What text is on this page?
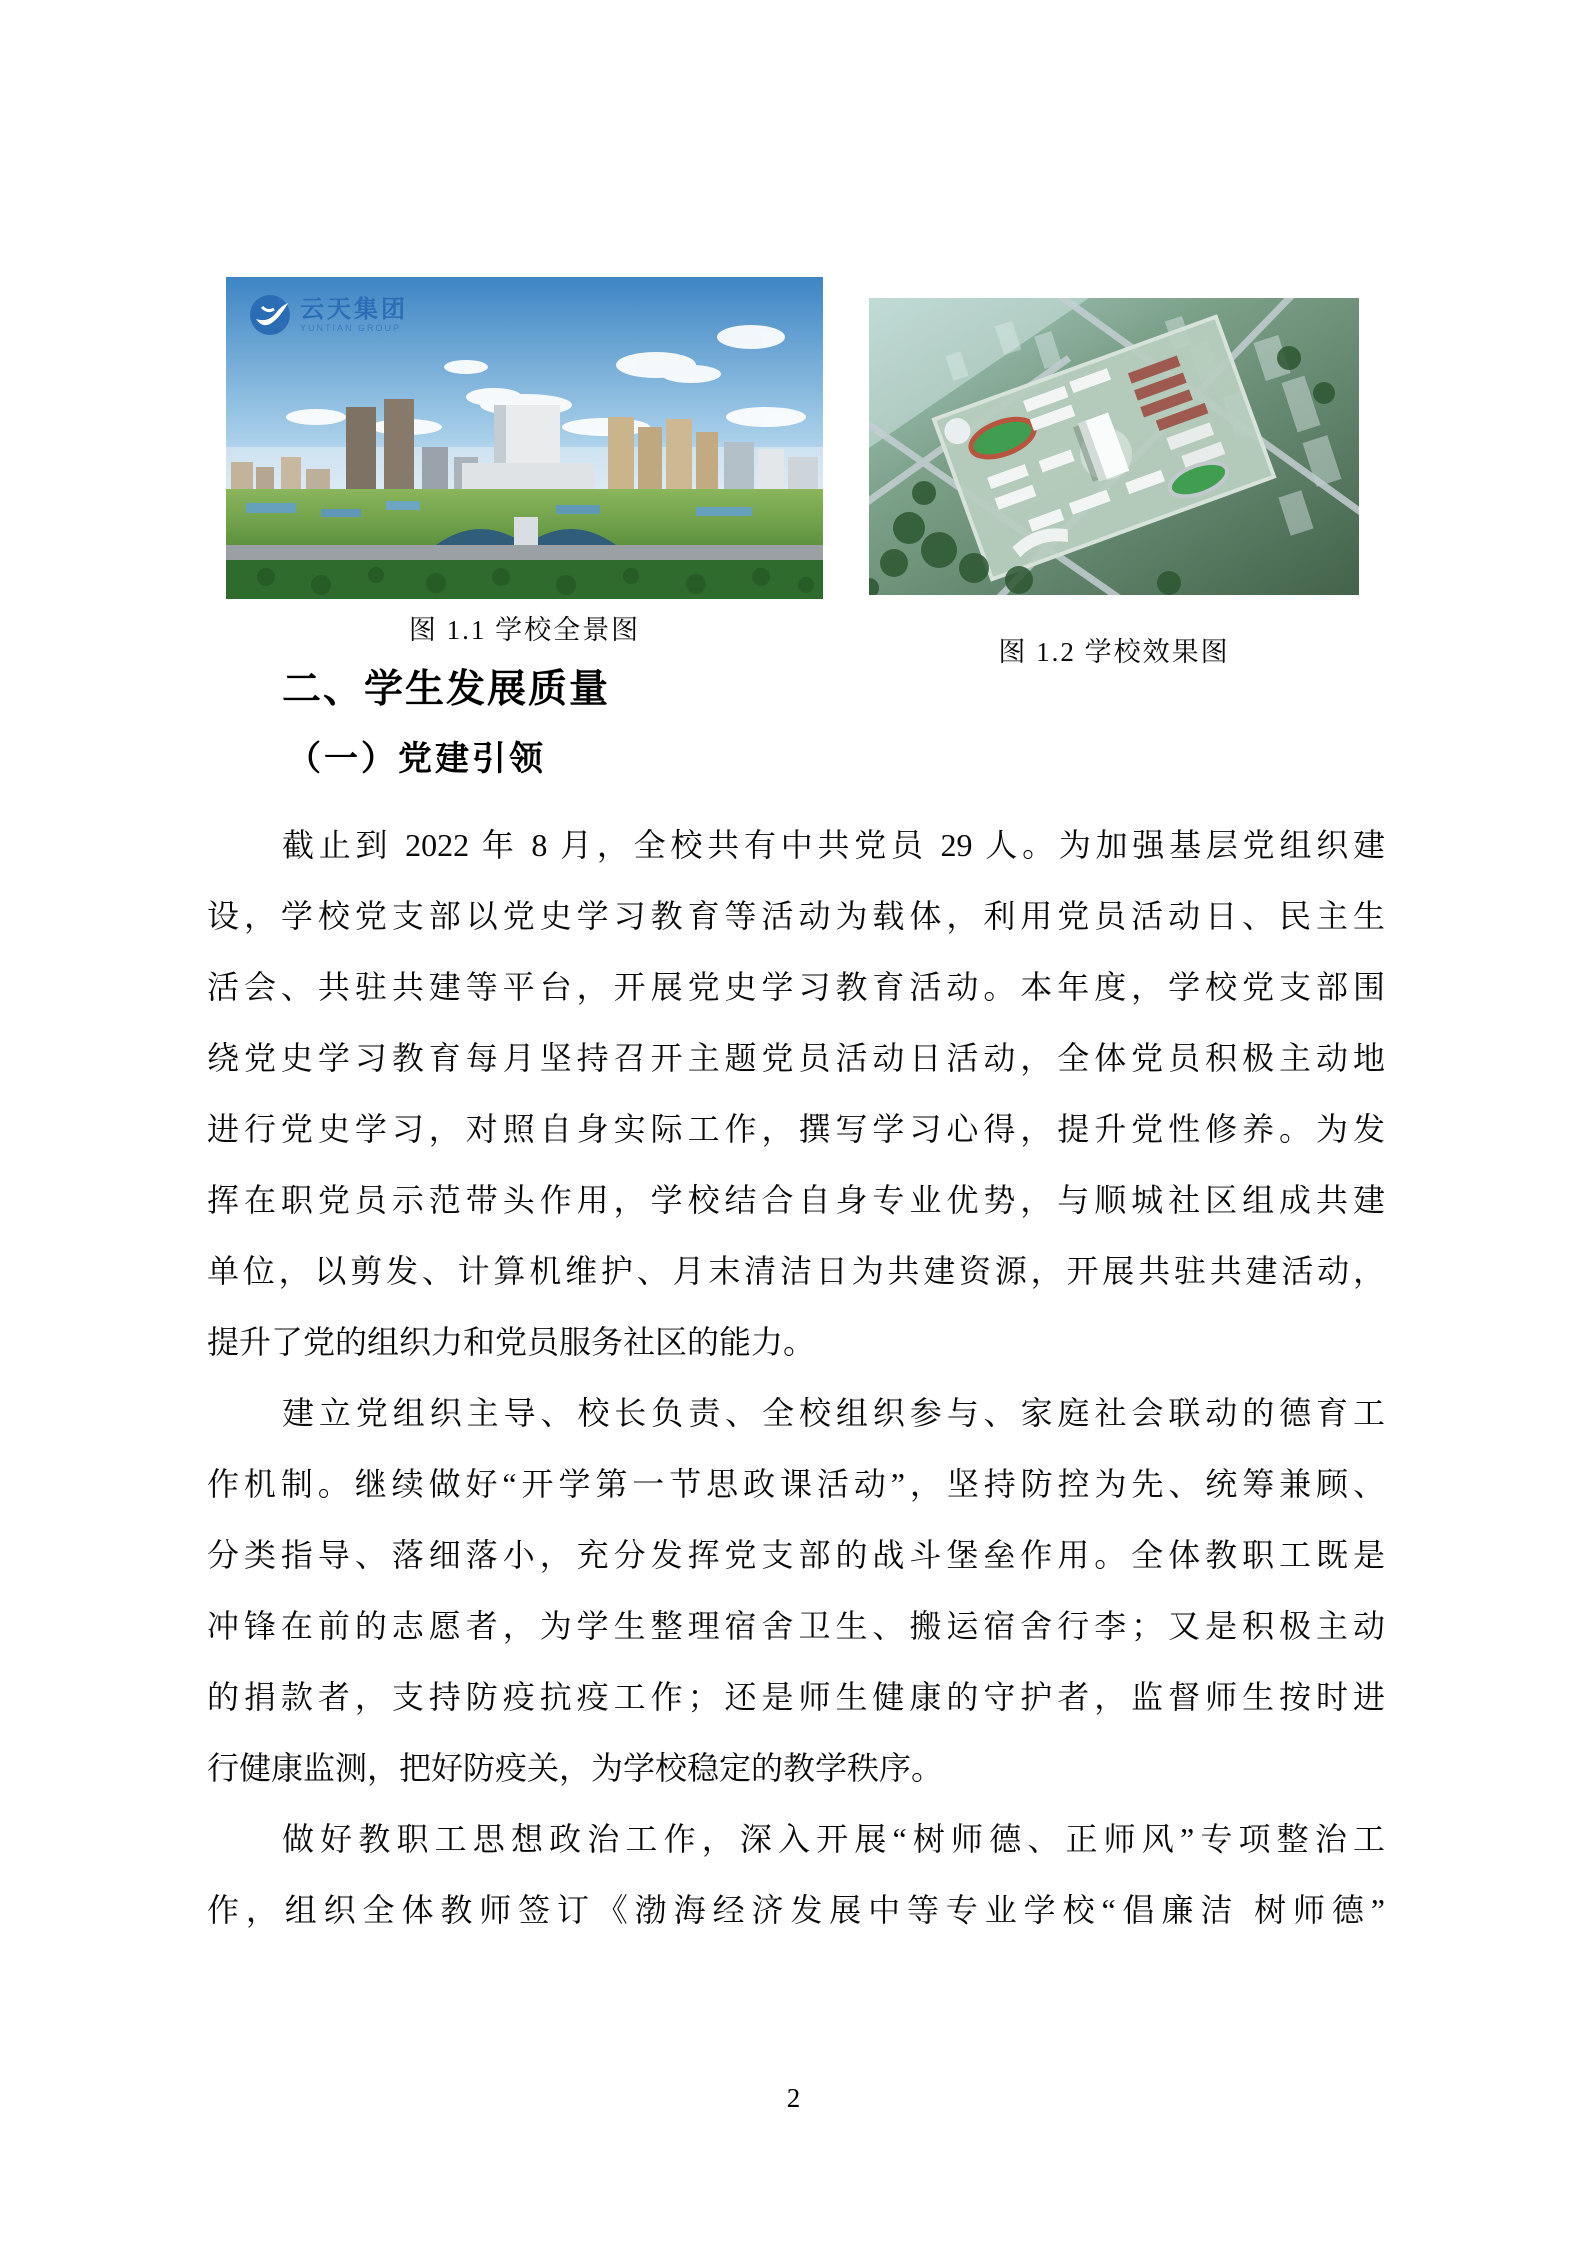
云天集团
YUNTIAN GROUP
图 1.1 学校全景图
图 1.2 学校效果图
二、学生发展质量
（一）党建引领
截止到 2022 年 8 月，全校共有中共党员 29 人。为加强基层党组织建
设，学校党支部以党史学习教育等活动为载体，利用党员活动日、民主生
活会、共驻共建等平台，开展党史学习教育活动。本年度，学校党支部围
绕党史学习教育每月坚持召开主题党员活动日活动，全体党员积极主动地
进行党史学习，对照自身实际工作，撰写学习心得，提升党性修养。为发
挥在职党员示范带头作用，学校结合自身专业优势，与顺城社区组成共建
单位，以剪发、计算机维护、月末清洁日为共建资源，开展共驻共建活动，
提升了党的组织力和党员服务社区的能力。
建立党组织主导、校长负责、全校组织参与、家庭社会联动的德育工
作机制。继续做好“开学第一节思政课活动”，坚持防控为先、统筹兼顾、
分类指导、落细落小，充分发挥党支部的战斗堡垒作用。全体教职工既是
冲锋在前的志愿者，为学生整理宿舍卫生、搬运宿舍行李；又是积极主动
的捐款者，支持防疫抗疫工作；还是师生健康的守护者，监督师生按时进
行健康监测，把好防疫关，为学校稳定的教学秩序。
做好教职工思想政治工作，深入开展“树师德、正师风”专项整治工
作，组织全体教师签订《渤海经济发展中等专业学校“倡廉洁 树师德”
2
